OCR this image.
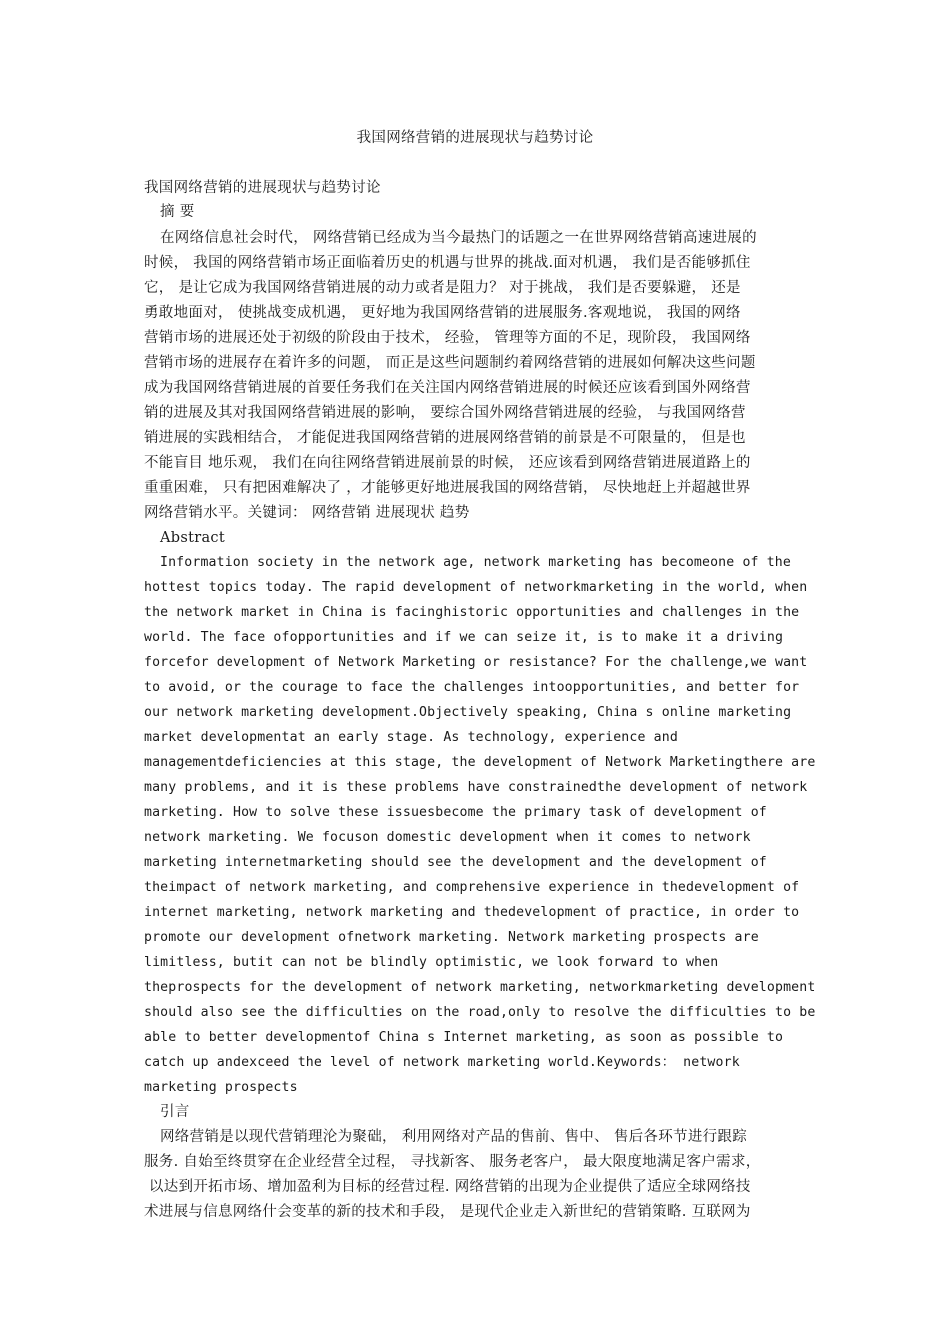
我国网络营销的进展现状与趋势讨论
我国网络营销的进展现状与趋势讨论
摘 要
在网络信息社会时代， 网络营销已经成为当今最热门的话题之一在世界网络营销高速进展的
时候， 我国的网络营销市场正面临着历史的机遇与世界的挑战.面对机遇， 我们是否能够抓住
它， 是让它成为我国网络营销进展的动力或者是阻力？ 对于挑战， 我们是否要躲避， 还是
勇敢地面对， 使挑战变成机遇， 更好地为我国网络营销的进展服务.客观地说， 我国的网络
营销市场的进展还处于初级的阶段由于技术， 经验， 管理等方面的不足，现阶段， 我国网络
营销市场的进展存在着许多的问题， 而正是这些问题制约着网络营销的进展如何解决这些问题
成为我国网络营销进展的首要任务我们在关注国内网络营销进展的时候还应该看到国外网络营
销的进展及其对我国网络营销进展的影响， 要综合国外网络营销进展的经验， 与我国网络营
销进展的实践相结合， 才能促进我国网络营销的进展网络营销的前景是不可限量的， 但是也
不能盲目 地乐观， 我们在向往网络营销进展前景的时候， 还应该看到网络营销进展道路上的
重重困难， 只有把困难解决了 ，才能够更好地进展我国的网络营销， 尽快地赶上并超越世界
网络营销水平。关键词： 网络营销 进展现状 趋势
Abstract
Information society in the network age, network marketing has becomeone of the
hottest topics today. The rapid development of networkmarketing in the world, when
the network market in China is facinghistoric opportunities and challenges in the
world. The face ofopportunities and if we can seize it, is to make it a driving
forcefor development of Network Marketing or resistance? For the challenge,we want
to avoid, or the courage to face the challenges intoopportunities, and better for
our network marketing development.Objectively speaking, China s online marketing
market developmentat an early stage. As technology, experience and
managementdeficiencies at this stage, the development of Network Marketingthere are
many problems, and it is these problems have constrainedthe development of network
marketing. How to solve these issuesbecome the primary task of development of
network marketing. We focuson domestic development when it comes to network
marketing internetmarketing should see the development and the development of
theimpact of network marketing, and comprehensive experience in thedevelopment of
internet marketing, network marketing and thedevelopment of practice, in order to
promote our development ofnetwork marketing. Network marketing prospects are
limitless, butit can not be blindly optimistic, we look forward to when
theprospects for the development of network marketing, networkmarketing development
should also see the difficulties on the road,only to resolve the difficulties to be
able to better developmentof China s Internet marketing, as soon as possible to
catch up andexceed the level of network marketing world.Keywords： network
marketing prospects
引言
网络营销是以现代营销理沦为聚础， 利用网络对产品的售前、售中、 售后各环节进行跟踪
服务. 自始至终贯穿在企业经营全过程， 寻找新客、 服务老客户， 最大限度地满足客户需求，
以达到开拓市场、增加盈利为目标的经营过程. 网络营销的出现为企业提供了适应全球网络技
术进展与信息网络什会变革的新的技术和手段， 是现代企业走入新世纪的营销策略. 互联网为
